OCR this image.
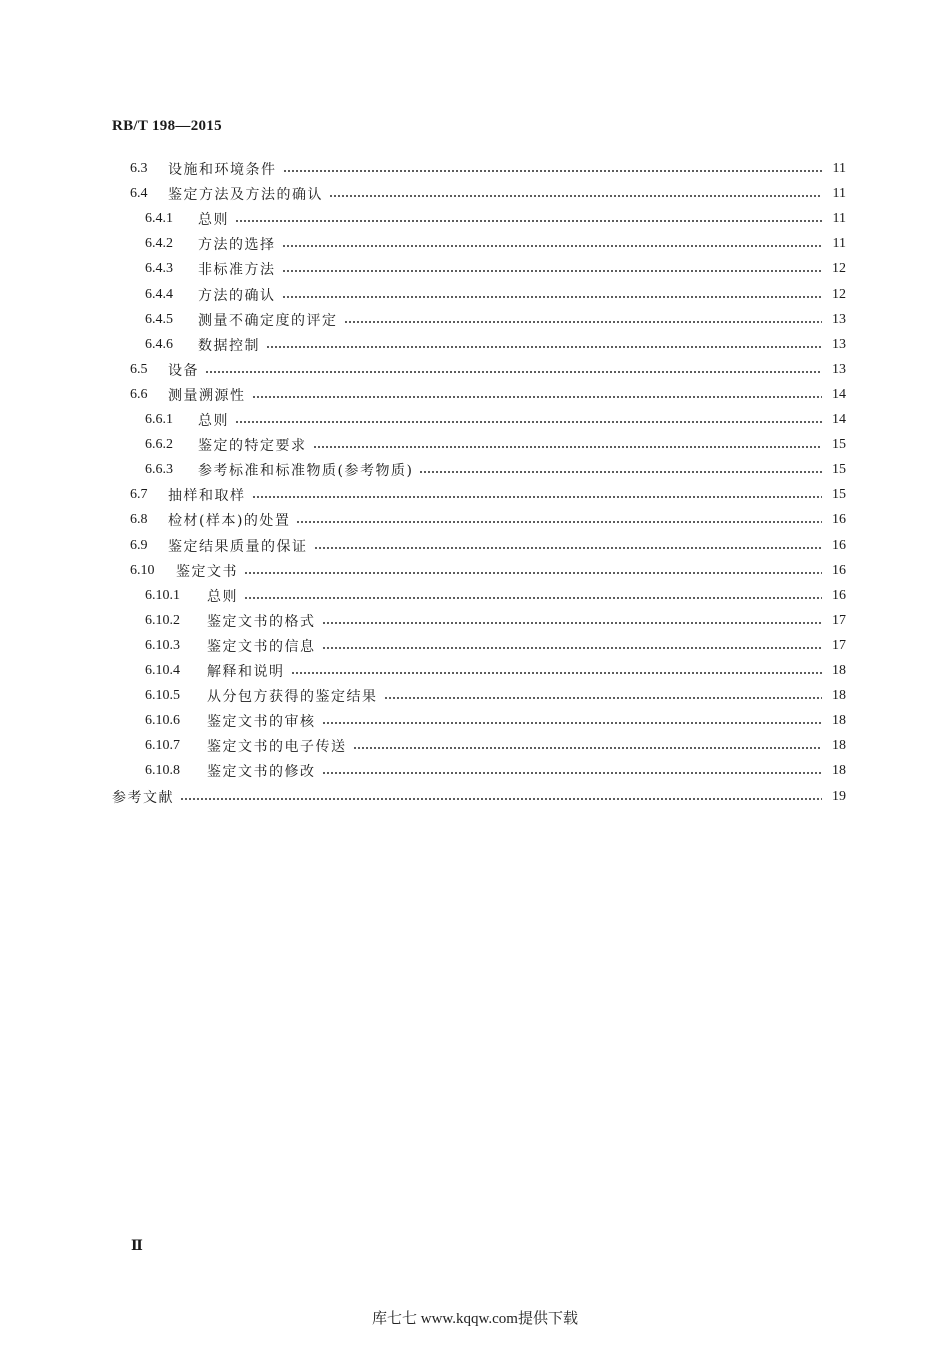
RB/T 198—2015
6.3	设施和环境条件	11
6.4	鉴定方法及方法的确认	11
6.4.1	总则	11
6.4.2	方法的选择	11
6.4.3	非标准方法	12
6.4.4	方法的确认	12
6.4.5	测量不确定度的评定	13
6.4.6	数据控制	13
6.5	设备	13
6.6	测量溯源性	14
6.6.1	总则	14
6.6.2	鉴定的特定要求	15
6.6.3	参考标准和标准物质(参考物质)	15
6.7	抽样和取样	15
6.8	检材(样本)的处置	16
6.9	鉴定结果质量的保证	16
6.10	鉴定文书	16
6.10.1	总则	16
6.10.2	鉴定文书的格式	17
6.10.3	鉴定文书的信息	17
6.10.4	解释和说明	18
6.10.5	从分包方获得的鉴定结果	18
6.10.6	鉴定文书的审核	18
6.10.7	鉴定文书的电子传送	18
6.10.8	鉴定文书的修改	18
参考文献	19
Ⅱ
库七七 www.kqqw.com提供下载
